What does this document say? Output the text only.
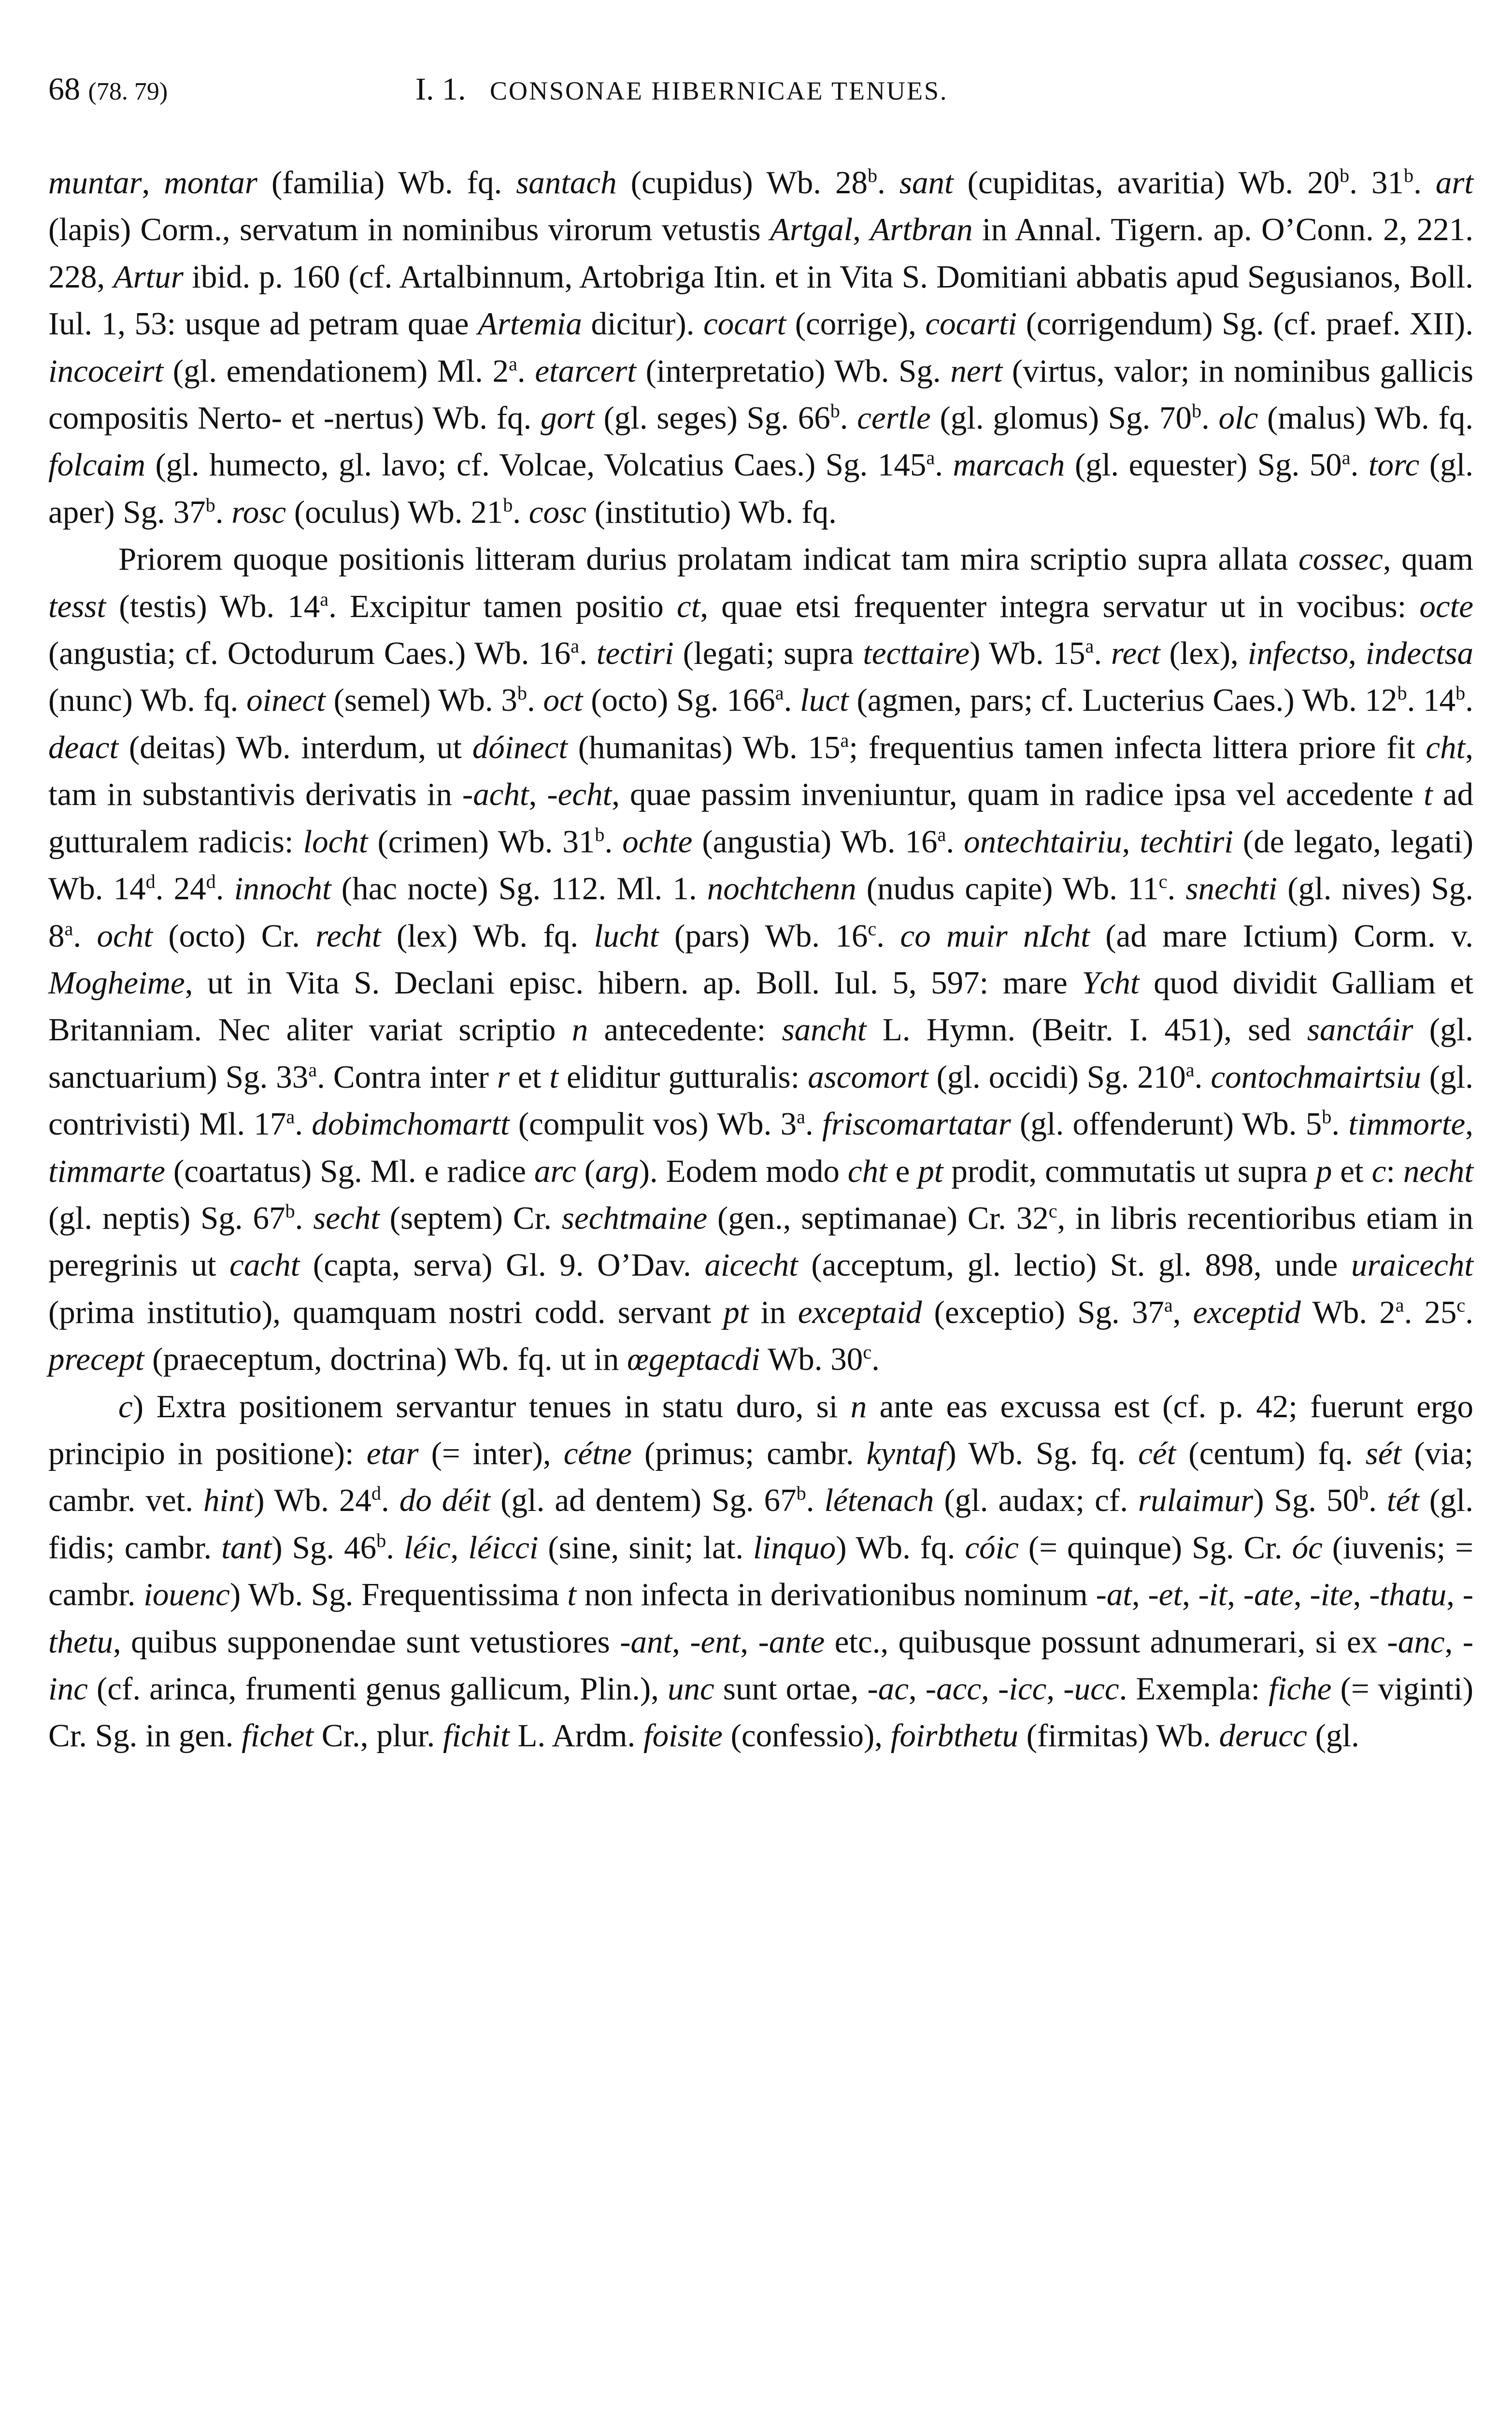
68 (78. 79)	I. 1. CONSONAE HIBERNICAE TENUES.

muntar, montar (familia) Wb. fq. santach (cupidus) Wb. 28$^b$. sant (cupiditas, avaritia) Wb. 20$^b$. 31$^b$. art (lapis) Corm., servatum in nominibus virorum vetustis Artgal, Artbran in Annal. Tigern. ap. O’Conn. 2, 221. 228, Artur ibid. p. 160 (cf. Artalbinnum, Artobriga Itin. et in Vita S. Domitiani abbatis apud Segusianos, Boll. Iul. 1, 53: usque ad petram quae Artemia dicitur). cocart (corrige), cocarti (corrigendum) Sg. (cf. praef. XII). incoceirt (gl. emendationem) Ml. 2$^a$. etarcert (interpretatio) Wb. Sg. nert (virtus, valor; in nominibus gallicis compositis Nerto- et -nertus) Wb. fq. gort (gl. seges) Sg. 66$^b$. certle (gl. glomus) Sg. 70$^b$. olc (malus) Wb. fq. folcaim (gl. humecto, gl. lavo; cf. Volcae, Volcatius Caes.) Sg. 145$^a$. marcach (gl. equester) Sg. 50$^a$. torc (gl. aper) Sg. 37$^b$. rosc (oculus) Wb. 21$^b$. cosc (institutio) Wb. fq.

Priorem quoque positionis litteram durius prolatam indicat tam mira scriptio supra allata cossec, quam tesst (testis) Wb. 14$^a$. Excipitur tamen positio ct, quae etsi frequenter integra servatur ut in vocibus: octe (angustia; cf. Octodurum Caes.) Wb. 16$^a$. tectiri (legati; supra tecttaire) Wb. 15$^a$. rect (lex), infectso, indectsa (nunc) Wb. fq. oinect (semel) Wb. 3$^b$. oct (octo) Sg. 166$^a$. luct (agmen, pars; cf. Lucterius Caes.) Wb. 12$^b$. 14$^b$. deact (deitas) Wb. interdum, ut dóinect (humanitas) Wb. 15$^a$; frequentius tamen infecta littera priore fit cht, tam in substantivis derivatis in -acht, -echt, quae passim inveniuntur, quam in radice ipsa vel accedente t ad gutturalem radicis: locht (crimen) Wb. 31$^b$. ochte (angustia) Wb. 16$^a$. ontechtairiu, techtiri (de legato, legati) Wb. 14$^d$. 24$^d$. innocht (hac nocte) Sg. 112. Ml. 1. nochtchenn (nudus capite) Wb. 11$^c$. snechti (gl. nives) Sg. 8$^a$. ocht (octo) Cr. recht (lex) Wb. fq. lucht (pars) Wb. 16$^c$. co muir nIcht (ad mare Ictium) Corm. v. Mogheime, ut in Vita S. Declani episc. hibern. ap. Boll. Iul. 5, 597: mare Ycht quod dividit Galliam et Britanniam. Nec aliter variat scriptio n antecedente: sancht L. Hymn. (Beitr. I. 451), sed sanctáir (gl. sanctuarium) Sg. 33$^a$. Contra inter r et t eliditur gutturalis: ascomort (gl. occidi) Sg. 210$^a$. contochmairtsiu (gl. contrivisti) Ml. 17$^a$. dobimchomartt (compulit vos) Wb. 3$^a$. friscomartatar (gl. offenderunt) Wb. 5$^b$. timmorte, timmarte (coartatus) Sg. Ml. e radice arc (arg). Eodem modo cht e pt prodit, commutatis ut supra p et c: necht (gl. neptis) Sg. 67$^b$. secht (septem) Cr. sechtmaine (gen., septimanae) Cr. 32$^c$, in libris recentioribus etiam in peregrinis ut cacht (capta, serva) Gl. 9. O’Dav. aicecht (acceptum, gl. lectio) St. gl. 898, unde uraicecht (prima institutio), quamquam nostri codd. servant pt in exceptaid (exceptio) Sg. 37$^a$, exceptid Wb. 2$^a$. 25$^c$. precept (praeceptum, doctrina) Wb. fq. ut in œgeptacdi Wb. 30$^c$.

c) Extra positionem servantur tenues in statu duro, si n ante eas excussa est (cf. p. 42; fuerunt ergo principio in positione): etar (= inter), cétne (primus; cambr. kyntaf) Wb. Sg. fq. cét (centum) fq. sét (via; cambr. vet. hint) Wb. 24$^d$. do déit (gl. ad dentem) Sg. 67$^b$. létenach (gl. audax; cf. rulaimur) Sg. 50$^b$. tét (gl. fidis; cambr. tant) Sg. 46$^b$. léic, léicci (sine, sinit; lat. linquo) Wb. fq. cóic (= quinque) Sg. Cr. óc (iuvenis; = cambr. iouenc) Wb. Sg. Frequentissima t non infecta in derivationibus nominum -at, -et, -it, -ate, -ite, -thatu, -thetu, quibus supponendae sunt vetustiores -ant, -ent, -ante etc., quibusque possunt adnumerari, si ex -anc, -inc (cf. arinca, frumenti genus gallicum, Plin.), unc sunt ortae, -ac, -acc, -icc, -ucc. Exempla: fiche (= viginti) Cr. Sg. in gen. fichet Cr., plur. fichit L. Ardm. foisite (confessio), foirbthetu (firmitas) Wb. derucc (gl.
